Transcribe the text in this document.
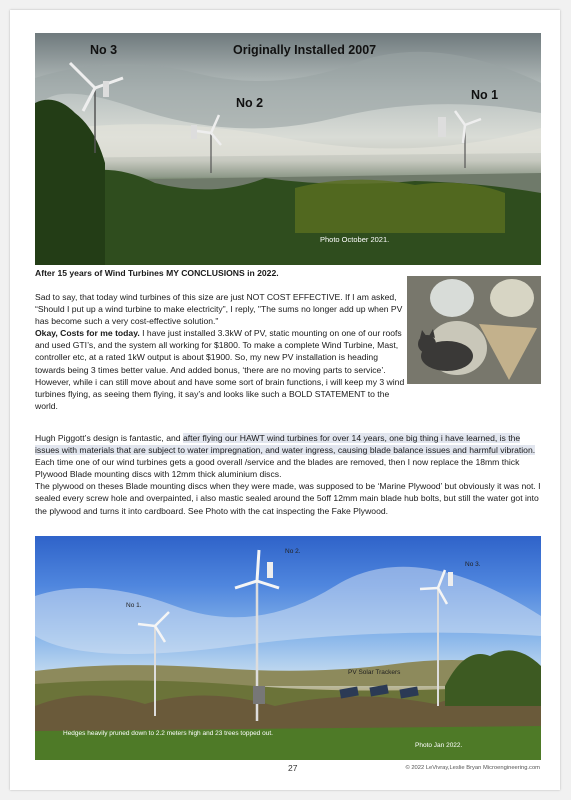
No 3	Originally Installed 2007
No 2
No 1
Photo October 2021.
After 15 years of Wind Turbines MY CONCLUSIONS in 2022.

Sad to say, that today wind turbines of this size are just NOT COST EFFECTIVE. If I am asked, “Should I put up a wind turbine to make electricity”, I reply, "The sums no longer add up when PV has become such a very cost-effective solution."
Okay, Costs for me today. I have just installed 3.3kW of PV, static mounting on one of our roofs and used GTI’s, and the system all working for $1800. To make a complete Wind Turbine, Mast, controller etc, at a rated 1kW output is about $1900. So, my new PV installation is heading towards being 3 times better value. And added bonus, ‘there are no moving parts to service’. However, while i can still move about and have some sort of brain functions, i will keep my 3 wind turbines flying, as seeing them flying, it say’s and looks like such a BOLD STATEMENT to the world.

Hugh Piggott’s design is fantastic, and after flying our HAWT wind turbines for over 14 years, one big thing i have learned, is the issues with materials that are subject to water impregnation, and water ingress, causing blade balance issues and harmful vibration. Each time one of our wind turbines gets a good overall /service and the blades are removed, then I now replace the 18mm thick Plywood Blade mounting discs with 12mm thick aluminium discs.
The plywood on theses Blade mounting discs when they were made, was supposed to be ‘Marine Plywood’ but obviously it was not. I sealed every screw hole and overpainted, i also mastic sealed around the 5off 12mm main blade hub bolts, but still the water got into the plywood and turns it into cardboard. See Photo with the cat inspecting the Fake Plywood.

No 1.
No 2.
No 3.
PV Solar Trackers
Hedges heavily pruned down to 2.2 meters high and 23 trees topped out.
Photo Jan 2022.
27	© 2022 LeVivray,Leslie Bryan Microengineering.com
